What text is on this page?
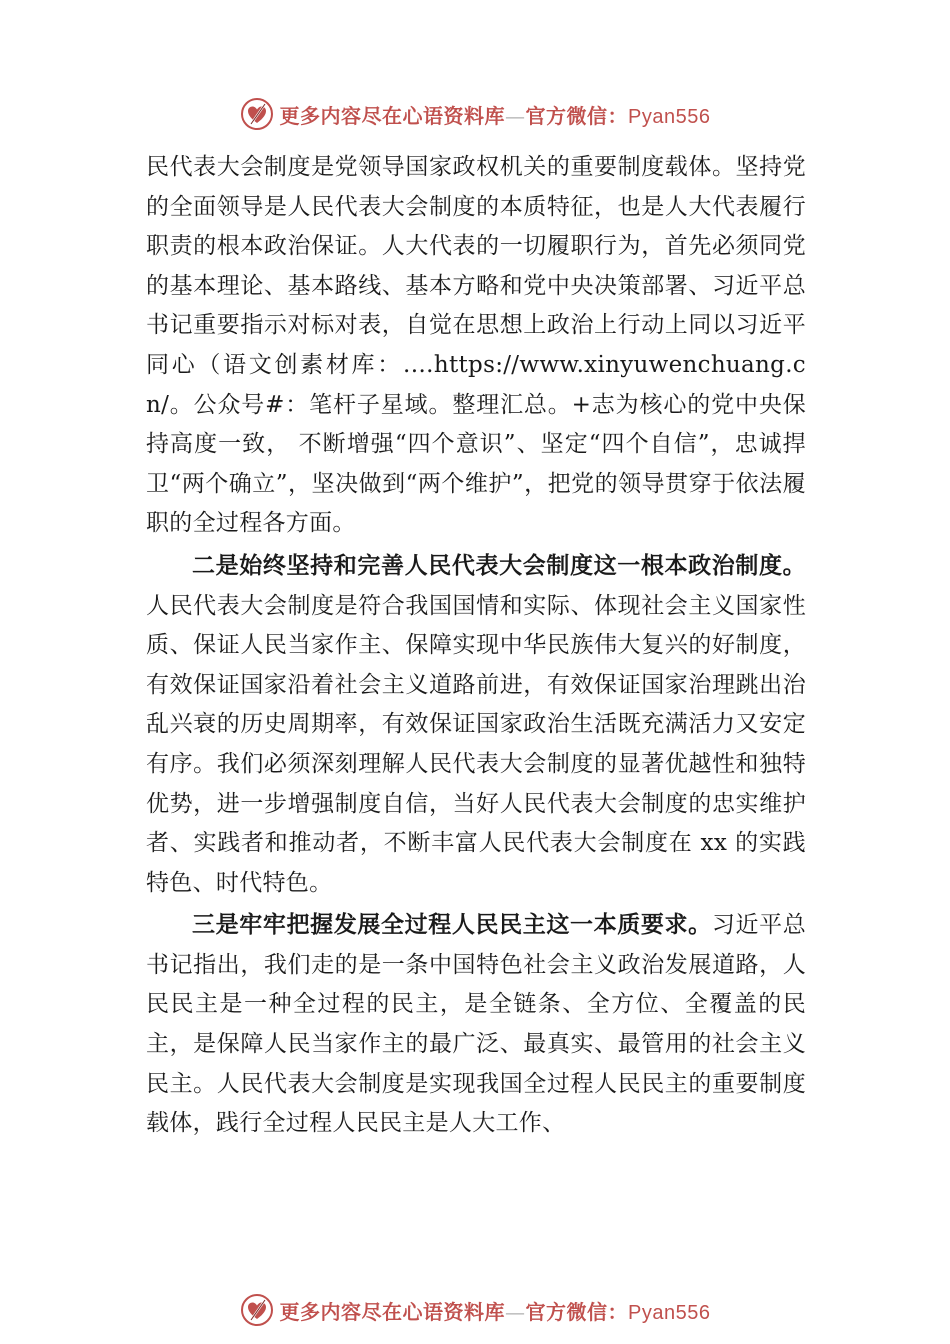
更多内容尽在心语资料库—官方微信：Pyan556

民代表大会制度是党领导国家政权机关的重要制度载体。坚持党的全面领导是人民代表大会制度的本质特征，也是人大代表履行职责的根本政治保证。人大代表的一切履职行为，首先必须同党的基本理论、基本路线、基本方略和党中央决策部署、习近平总书记重要指示对标对表，自觉在思想上政治上行动上同以习近平同心（语文创素材库：.…https://www.xinyuwenchuang.cn/。公众号#：笔杆子星域。整理汇总。+志为核心的党中央保持高度一致， 不断增强“四个意识”、坚定“四个自信”，忠诚捍卫“两个确立”，坚决做到“两个维护”，把党的领导贯穿于依法履职的全过程各方面。

二是始终坚持和完善人民代表大会制度这一根本政治制度。人民代表大会制度是符合我国国情和实际、体现社会主义国家性质、保证人民当家作主、保障实现中华民族伟大复兴的好制度，有效保证国家沿着社会主义道路前进，有效保证国家治理跳出治乱兴衰的历史周期率，有效保证国家政治生活既充满活力又安定有序。我们必须深刻理解人民代表大会制度的显著优越性和独特优势，进一步增强制度自信，当好人民代表大会制度的忠实维护者、实践者和推动者，不断丰富人民代表大会制度在 xx 的实践特色、时代特色。

三是牢牢把握发展全过程人民民主这一本质要求。习近平总书记指出，我们走的是一条中国特色社会主义政治发展道路，人民民主是一种全过程的民主，是全链条、全方位、全覆盖的民主，是保障人民当家作主的最广泛、最真实、最管用的社会主义民主。人民代表大会制度是实现我国全过程人民民主的重要制度载体，践行全过程人民民主是人大工作、

更多内容尽在心语资料库—官方微信：Pyan556
